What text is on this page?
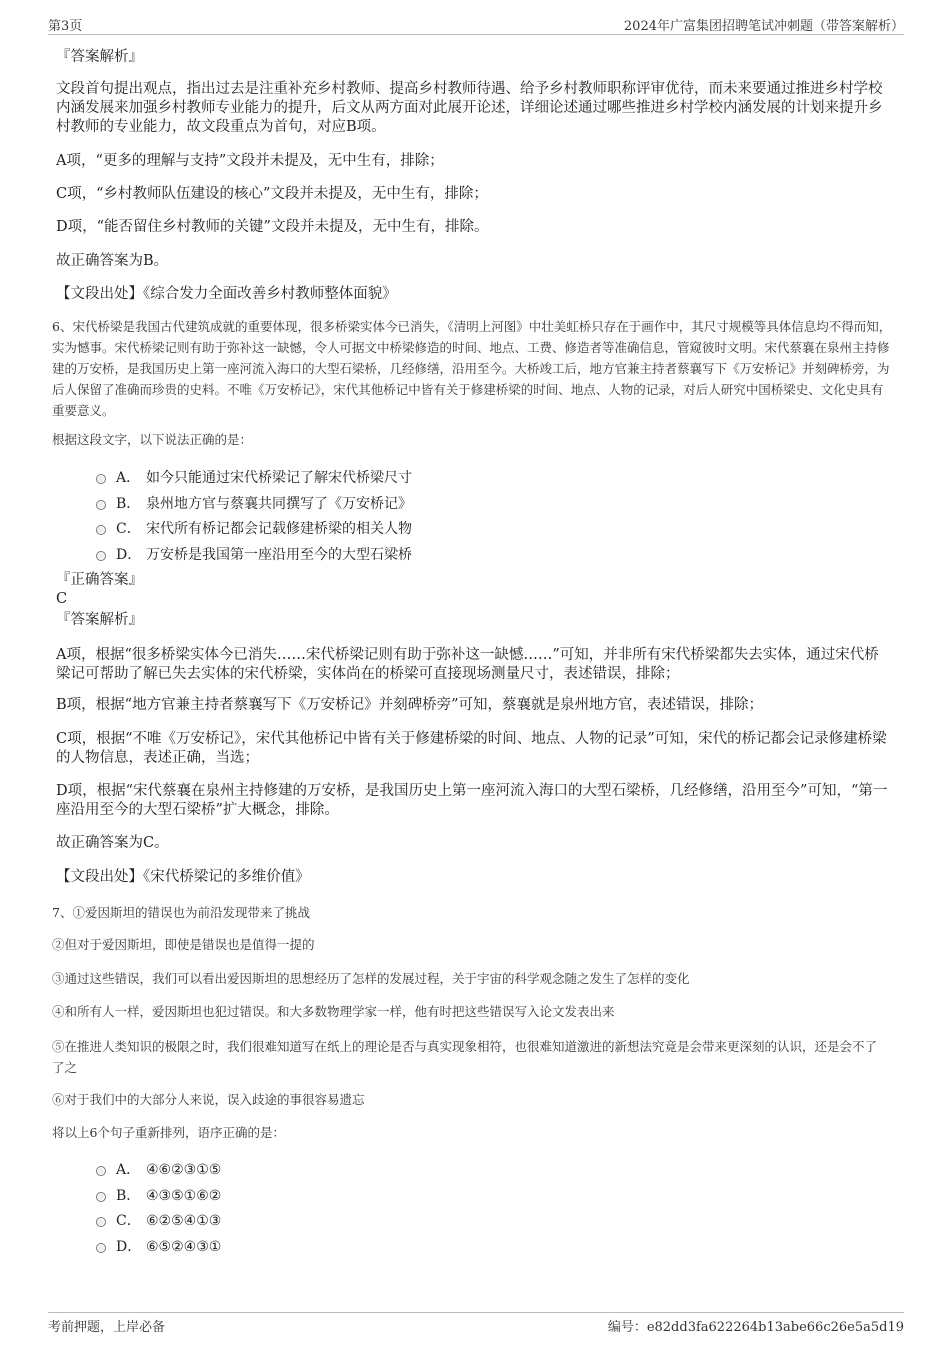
第3页	2024年广富集团招聘笔试冲刺题（带答案解析）

『答案解析』

文段首句提出观点，指出过去是注重补充乡村教师、提高乡村教师待遇、给予乡村教师职称评审优待，而未来要通过推进乡村学校内涵发展来加强乡村教师专业能力的提升，后文从两方面对此展开论述，详细论述通过哪些推进乡村学校内涵发展的计划来提升乡村教师的专业能力，故文段重点为首句，对应B项。

A项，“更多的理解与支持”文段并未提及，无中生有，排除；

C项，“乡村教师队伍建设的核心”文段并未提及，无中生有，排除；

D项，“能否留住乡村教师的关键”文段并未提及，无中生有，排除。

故正确答案为B。

【文段出处】《综合发力全面改善乡村教师整体面貌》

6、宋代桥梁是我国古代建筑成就的重要体现，很多桥梁实体今已消失，《清明上河图》中壮美虹桥只存在于画作中，其尺寸规模等具体信息均不得而知，实为憾事。宋代桥梁记则有助于弥补这一缺憾，令人可据文中桥梁修造的时间、地点、工费、修造者等准确信息，管窥彼时文明。宋代蔡襄在泉州主持修建的万安桥，是我国历史上第一座河流入海口的大型石梁桥，几经修缮，沿用至今。大桥竣工后，地方官兼主持者蔡襄写下《万安桥记》并刻碑桥旁，为后人保留了准确而珍贵的史料。不唯《万安桥记》，宋代其他桥记中皆有关于修建桥梁的时间、地点、人物的记录，对后人研究中国桥梁史、文化史具有重要意义。

根据这段文字，以下说法正确的是：

A． 如今只能通过宋代桥梁记了解宋代桥梁尺寸
B． 泉州地方官与蔡襄共同撰写了《万安桥记》
C． 宋代所有桥记都会记载修建桥梁的相关人物
D． 万安桥是我国第一座沿用至今的大型石梁桥

『正确答案』

C

『答案解析』

A项，根据“很多桥梁实体今已消失……宋代桥梁记则有助于弥补这一缺憾……”可知，并非所有宋代桥梁都失去实体，通过宋代桥梁记可帮助了解已失去实体的宋代桥梁，实体尚在的桥梁可直接现场测量尺寸，表述错误，排除；

B项，根据“地方官兼主持者蔡襄写下《万安桥记》并刻碑桥旁”可知，蔡襄就是泉州地方官，表述错误，排除；

C项，根据“不唯《万安桥记》，宋代其他桥记中皆有关于修建桥梁的时间、地点、人物的记录”可知，宋代的桥记都会记录修建桥梁的人物信息，表述正确，当选；

D项，根据“宋代蔡襄在泉州主持修建的万安桥，是我国历史上第一座河流入海口的大型石梁桥，几经修缮，沿用至今”可知，“第一座沿用至今的大型石梁桥”扩大概念，排除。

故正确答案为C。

【文段出处】《宋代桥梁记的多维价值》

7、①爱因斯坦的错误也为前沿发现带来了挑战

②但对于爱因斯坦，即使是错误也是值得一提的

③通过这些错误，我们可以看出爱因斯坦的思想经历了怎样的发展过程，关于宇宙的科学观念随之发生了怎样的变化

④和所有人一样，爱因斯坦也犯过错误。和大多数物理学家一样，他有时把这些错误写入论文发表出来

⑤在推进人类知识的极限之时，我们很难知道写在纸上的理论是否与真实现象相符，也很难知道激进的新想法究竟是会带来更深刻的认识，还是会不了了之

⑥对于我们中的大部分人来说，误入歧途的事很容易遗忘

将以上6个句子重新排列，语序正确的是：

A． ④⑥②③①⑤
B． ④③⑤①⑥②
C． ⑥②⑤④①③
D． ⑥⑤②④③①
考前押题，上岸必备	编号：e82dd3fa622264b13abe66c26e5a5d19
